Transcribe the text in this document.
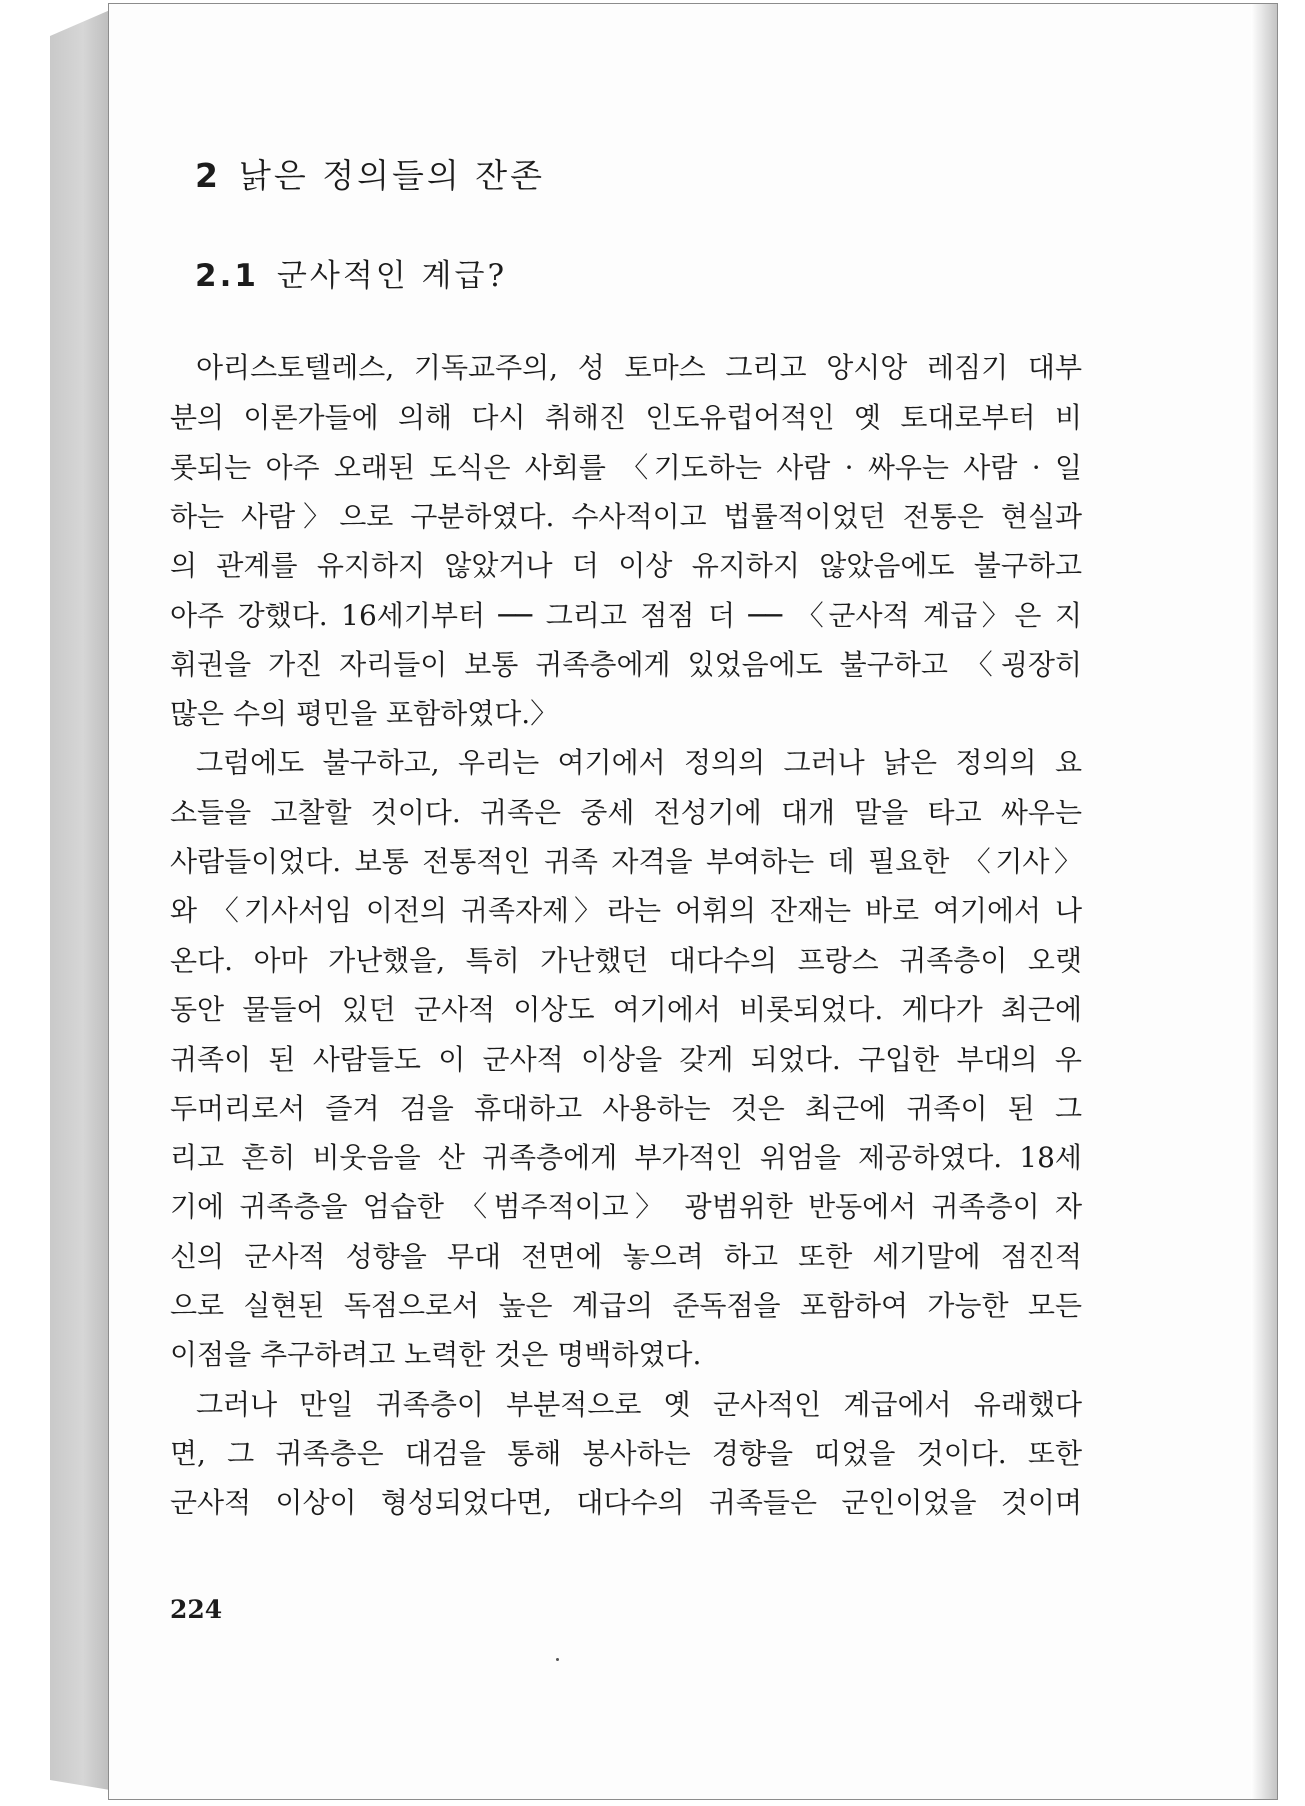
2 낡은 정의들의 잔존
2.1 군사적인 계급?
아리스토텔레스, 기독교주의, 성 토마스 그리고 앙시앙 레짐기 대부
분의 이론가들에 의해 다시 취해진 인도유럽어적인 옛 토대로부터 비
롯되는 아주 오래된 도식은 사회를 〈기도하는 사람 · 싸우는 사람 · 일
하는 사람〉으로 구분하였다. 수사적이고 법률적이었던 전통은 현실과
의 관계를 유지하지 않았거나 더 이상 유지하지 않았음에도 불구하고
아주 강했다. 16세기부터 ── 그리고 점점 더 ── 〈군사적 계급〉은 지
휘권을 가진 자리들이 보통 귀족층에게 있었음에도 불구하고 〈굉장히
많은 수의 평민을 포함하였다.〉
그럼에도 불구하고, 우리는 여기에서 정의의 그러나 낡은 정의의 요
소들을 고찰할 것이다. 귀족은 중세 전성기에 대개 말을 타고 싸우는
사람들이었다. 보통 전통적인 귀족 자격을 부여하는 데 필요한 〈기사〉
와 〈기사서임 이전의 귀족자제〉라는 어휘의 잔재는 바로 여기에서 나
온다. 아마 가난했을, 특히 가난했던 대다수의 프랑스 귀족층이 오랫
동안 물들어 있던 군사적 이상도 여기에서 비롯되었다. 게다가 최근에
귀족이 된 사람들도 이 군사적 이상을 갖게 되었다. 구입한 부대의 우
두머리로서 즐겨 검을 휴대하고 사용하는 것은 최근에 귀족이 된 그
리고 흔히 비웃음을 산 귀족층에게 부가적인 위엄을 제공하였다. 18세
기에 귀족층을 엄습한 〈범주적이고〉 광범위한 반동에서 귀족층이 자
신의 군사적 성향을 무대 전면에 놓으려 하고 또한 세기말에 점진적
으로 실현된 독점으로서 높은 계급의 준독점을 포함하여 가능한 모든
이점을 추구하려고 노력한 것은 명백하였다.
그러나 만일 귀족층이 부분적으로 옛 군사적인 계급에서 유래했다
면, 그 귀족층은 대검을 통해 봉사하는 경향을 띠었을 것이다. 또한
군사적 이상이 형성되었다면, 대다수의 귀족들은 군인이었을 것이며
224
